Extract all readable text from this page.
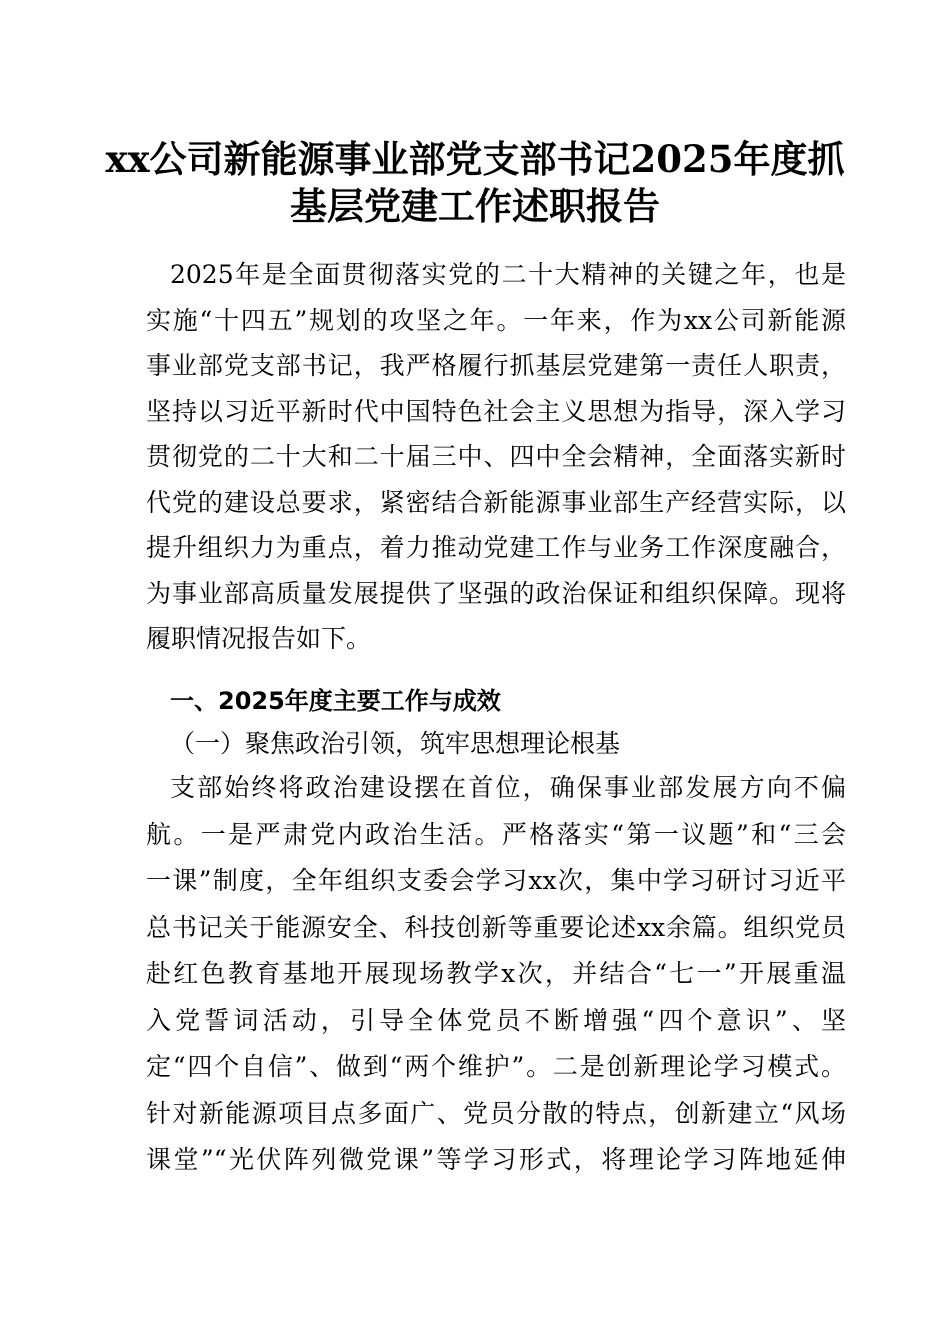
xx公司新能源事业部党支部书记2025年度抓
基层党建工作述职报告

2025年是全面贯彻落实党的二十大精神的关键之年，也是

实施“十四五”规划的攻坚之年。一年来，作为xx公司新能源

事业部党支部书记，我严格履行抓基层党建第一责任人职责，

坚持以习近平新时代中国特色社会主义思想为指导，深入学习

贯彻党的二十大和二十届三中、四中全会精神，全面落实新时

代党的建设总要求，紧密结合新能源事业部生产经营实际，以

提升组织力为重点，着力推动党建工作与业务工作深度融合，

为事业部高质量发展提供了坚强的政治保证和组织保障。现将

履职情况报告如下。

一、2025年度主要工作与成效
（一）聚焦政治引领，筑牢思想理论根基

支部始终将政治建设摆在首位，确保事业部发展方向不偏

航。一是严肃党内政治生活。严格落实“第一议题”和“三会

一课”制度，全年组织支委会学习xx次，集中学习研讨习近平

总书记关于能源安全、科技创新等重要论述xx余篇。组织党员

赴红色教育基地开展现场教学x次，并结合“七一”开展重温

入党誓词活动，引导全体党员不断增强“四个意识”、坚

定“四个自信”、做到“两个维护”。二是创新理论学习模式。

针对新能源项目点多面广、党员分散的特点，创新建立“风场

课堂”“光伏阵列微党课”等学习形式，将理论学习阵地延伸
